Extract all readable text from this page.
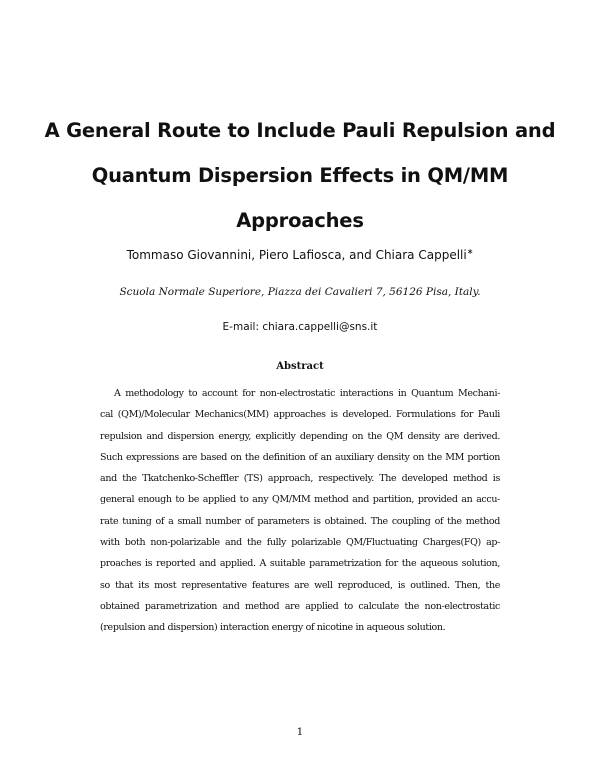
A General Route to Include Pauli Repulsion and
Quantum Dispersion Effects in QM/MM
Approaches
Tommaso Giovannini, Piero Lafiosca, and Chiara Cappelli∗
Scuola Normale Superiore, Piazza dei Cavalieri 7, 56126 Pisa, Italy.
E-mail: chiara.cappelli@sns.it
Abstract
A methodology to account for non-electrostatic interactions in Quantum Mechani-
cal (QM)/Molecular Mechanics(MM) approaches is developed. Formulations for Pauli
repulsion and dispersion energy, explicitly depending on the QM density are derived.
Such expressions are based on the definition of an auxiliary density on the MM portion
and the Tkatchenko-Scheffler (TS) approach, respectively. The developed method is
general enough to be applied to any QM/MM method and partition, provided an accu-
rate tuning of a small number of parameters is obtained. The coupling of the method
with both non-polarizable and the fully polarizable QM/Fluctuating Charges(FQ) ap-
proaches is reported and applied. A suitable parametrization for the aqueous solution,
so that its most representative features are well reproduced, is outlined. Then, the
obtained parametrization and method are applied to calculate the non-electrostatic
(repulsion and dispersion) interaction energy of nicotine in aqueous solution.
1
